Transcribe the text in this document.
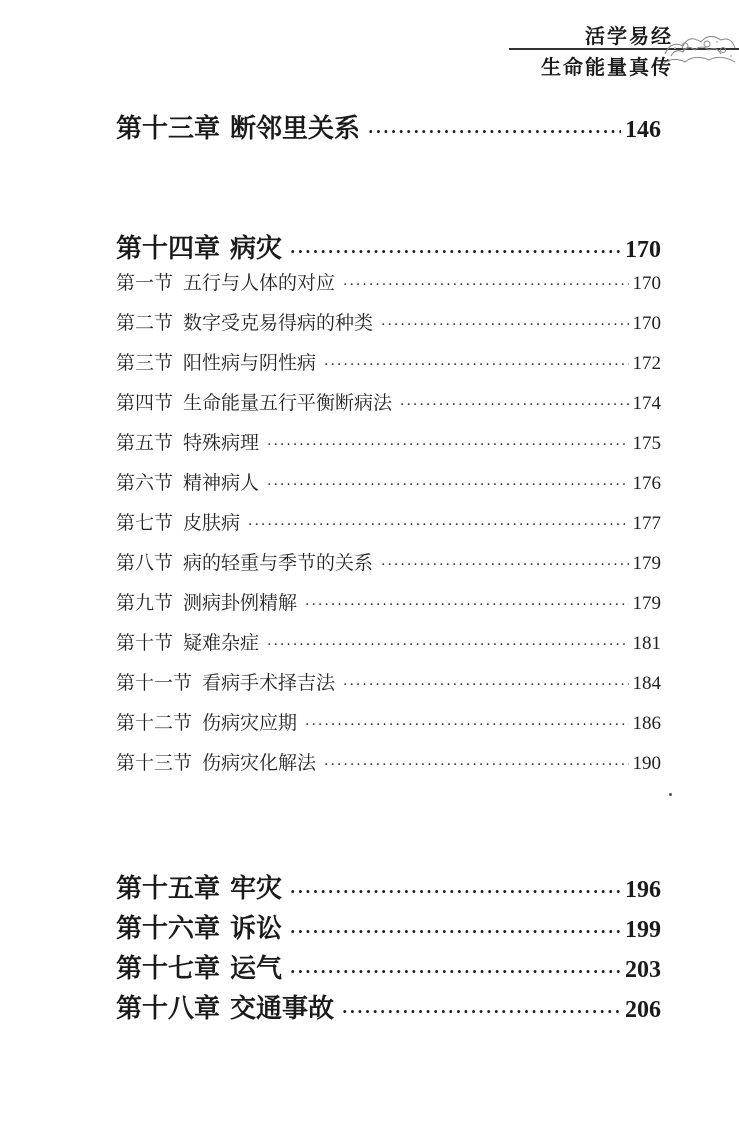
活学易经
生命能量真传
第十三章 断邻里关系 ·····	146
第十四章 病灾 ·····	170
第一节 五行与人体的对应 ·····	170
第二节 数字受克易得病的种类 ·····	170
第三节 阳性病与阴性病 ·····	172
第四节 生命能量五行平衡断病法 ·····	174
第五节 特殊病理 ·····	175
第六节 精神病人 ·····	176
第七节 皮肤病 ·····	177
第八节 病的轻重与季节的关系 ·····	179
第九节 测病卦例精解 ·····	179
第十节 疑难杂症 ·····	181
第十一节 看病手术择吉法 ·····	184
第十二节 伤病灾应期 ·····	186
第十三节 伤病灾化解法 ·····	190
第十五章 牢灾 ·····	196
第十六章 诉讼 ·····	199
第十七章 运气 ·····	203
第十八章 交通事故 ·····	206
